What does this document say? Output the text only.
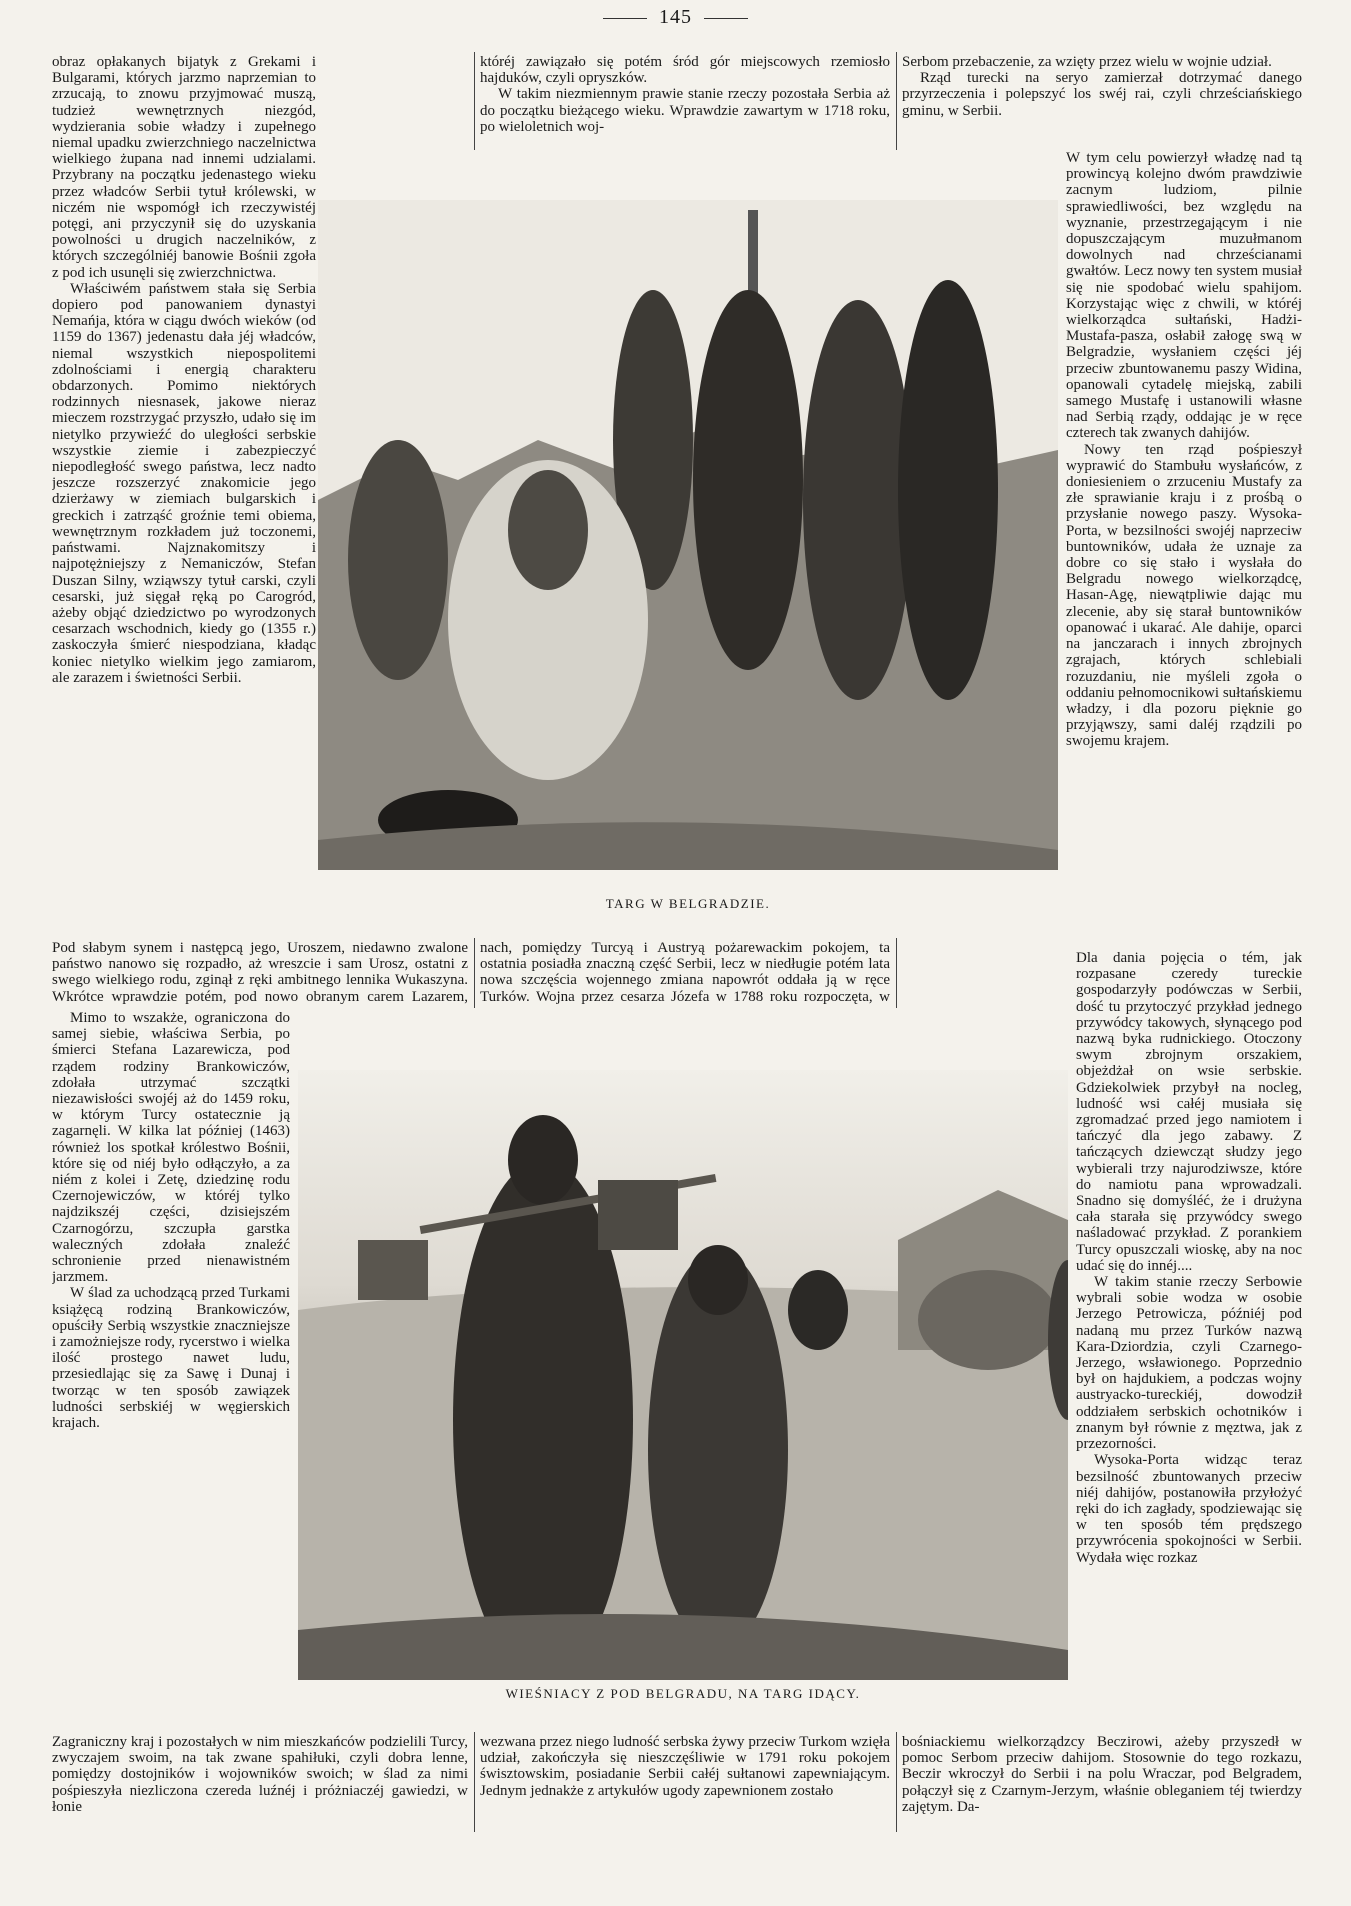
145

obraz opłakanych bijatyk z Grekami i Bulgarami, których jarzmo naprzemian to zrzucają, to znowu przyjmować muszą, tudzież wewnętrznych niezgód, wydzierania sobie władzy i zupełnego niemal upadku zwierzchniego naczelnictwa wielkiego żupana nad innemi udzialami. Przybrany na początku jedenastego wieku przez władców Serbii tytuł królewski, w niczém nie wspomógł ich rzeczywistéj potęgi, ani przyczynił się do uzyskania powolności u drugich naczelników, z których szczególniéj banowie Bośnii zgoła z pod ich usunęli się zwierzchnictwa.

Właściwém państwem stała się Serbia dopiero pod panowaniem dynastyi Nemańja, która w ciągu dwóch wieków (od 1159 do 1367) jedenastu dała jéj władców, niemal wszystkich niepospolitemi zdolnościami i energią charakteru obdarzonych. Pomimo niektórych rodzinnych niesnasek, jakowe nieraz mieczem rozstrzygać przyszło, udało się im nietylko przywieźć do uległości serbskie wszystkie ziemie i zabezpieczyć niepodległość swego państwa, lecz nadto jeszcze rozszerzyć znakomicie jego dzierżawy w ziemiach bulgarskich i greckich i zatrząść groźnie temi obiema, wewnętrznym rozkładem już toczonemi, państwami. Najznakomitszy i najpotężniejszy z Nemaniczów, Stefan Duszan Silny, wziąwszy tytuł carski, czyli cesarski, już sięgał ręką po Carogród, ażeby objąć dziedzictwo po wyrodzonych cesarzach wschodnich, kiedy go (1355 r.) zaskoczyła śmierć niespodziana, kładąc koniec nietylko wielkim jego zamiarom, ale zarazem i świetności Serbii.

któréj zawiązało się potém śród gór miejscowych rzemiosło hajduków, czyli opryszków.

W takim niezmiennym prawie stanie rzeczy pozostała Serbia aż do początku bieżącego wieku. Wprawdzie zawartym w 1718 roku, po wieloletnich woj-

Serbom przebaczenie, za wzięty przez wielu w wojnie udział.

Rząd turecki na seryo zamierzał dotrzymać danego przyrzeczenia i polepszyć los swéj rai, czyli chrześciańskiego gminu, w Serbii.

TARG W BELGRADZIE.

W tym celu powierzył władzę nad tą prowincyą kolejno dwóm prawdziwie zacnym ludziom, pilnie sprawiedliwości, bez względu na wyznanie, przestrzegającym i nie dopuszczającym muzułmanom dowolnych nad chrześcianami gwałtów. Lecz nowy ten system musiał się nie spodobać wielu spahijom. Korzystając więc z chwili, w któréj wielkorządca sułtański, Hadżi-Mustafa-pasza, osłabił załogę swą w Belgradzie, wysłaniem części jéj przeciw zbuntowanemu paszy Widina, opanowali cytadelę miejską, zabili samego Mustafę i ustanowili własne nad Serbią rządy, oddając je w ręce czterech tak zwanych dahijów.

Nowy ten rząd pośpieszył wyprawić do Stambułu wysłańców, z doniesieniem o zrzuceniu Mustafy za złe sprawianie kraju i z prośbą o przysłanie nowego paszy. Wysoka-Porta, w bezsilności swojéj naprzeciw buntowników, udała że uznaje za dobre co się stało i wysłała do Belgradu nowego wielkorządcę, Hasan-Agę, niewątpliwie dając mu zlecenie, aby się starał buntowników opanować i ukarać. Ale dahije, oparci na janczarach i innych zbrojnych zgrajach, których schlebiali rozuzdaniu, nie myśleli zgoła o oddaniu pełnomocnikowi sułtańskiemu władzy, i dla pozoru pięknie go przyjąwszy, sami daléj rządzili po swojemu krajem.

nach, pomiędzy Turcyą i Austryą pożarewackim pokojem, ta ostatnia posiadła znaczną część Serbii, lecz w niedługie potém lata nowa szczęścia wojennego zmiana napowrót oddała ją w ręce Turków. Wojna przez cesarza Józefa w 1788 roku rozpoczęta, w

Pod słabym synem i następcą jego, Uroszem, niedawno zwalone państwo nanowo się rozpadło, aż wreszcie i sam Urosz, ostatni z swego wielkiego rodu, zginął z ręki ambitnego lennika Wukaszyna. Wkrótce wprawdzie potém, pod nowo obranym carem Lazarem,

Mimo to wszakże, ograniczona do samej siebie, właściwa Serbia, po śmierci Stefana Lazarewicza, pod rządem rodziny Brankowiczów, zdołała utrzymać szczątki niezawisłości swojéj aż do 1459 roku, w którym Turcy ostatecznie ją zagarnęli. W kilka lat później (1463) również los spotkał królestwo Bośnii, które się od niéj było odłączyło, a za niém z kolei i Zetę, dziedzinę rodu Czernojewiczów, w któréj tylko najdzikszéj części, dzisiejszém Czarnogórzu, szczupła garstka waleczných zdołała znaleźć schronienie przed nienawistném jarzmem.

W ślad za uchodzącą przed Turkami książęcą rodziną Brankowiczów, opuściły Serbią wszystkie znaczniejsze i zamożniejsze rody, rycerstwo i wielka ilość prostego nawet ludu, przesiedlając się za Sawę i Dunaj i tworząc w ten sposób zawiązek ludności serbskiéj w węgierskich krajach.

Dla dania pojęcia o tém, jak rozpasane czeredy tureckie gospodarzyły podówczas w Serbii, dość tu przytoczyć przykład jednego przywódcy takowych, słynącego pod nazwą byka rudnickiego. Otoczony swym zbrojnym orszakiem, objeżdżał on wsie serbskie. Gdziekolwiek przybył na nocleg, ludność wsi całéj musiała się zgromadzać przed jego namiotem i tańczyć dla jego zabawy. Z tańczących dziewcząt słudzy jego wybierali trzy najurodziwsze, które do namiotu pana wprowadzali. Snadno się domyśléć, że i drużyna cała starała się przywódcy swego naśladować przykład. Z porankiem Turcy opuszczali wioskę, aby na noc udać się do innéj....

W takim stanie rzeczy Serbowie wybrali sobie wodza w osobie Jerzego Petrowicza, późniéj pod nadaną mu przez Turków nazwą Kara-Dziordzia, czyli Czarnego-Jerzego, wsławionego. Poprzednio był on hajdukiem, a podczas wojny austryacko-tureckiéj, dowodził oddziałem serbskich ochotników i znanym był równie z męztwa, jak z przezorności.

Wysoka-Porta widząc teraz bezsilność zbuntowanych przeciw niéj dahijów, postanowiła przyłożyć ręki do ich zagłady, spodziewając się w ten sposób tém prędszego przywrócenia spokojności w Serbii. Wydała więc rozkaz

WIEŚNIACY Z POD BELGRADU, NA TARG IDĄCY.

Zagraniczny kraj i pozostałych w nim mieszkańców podzielili Turcy, zwyczajem swoim, na tak zwane spahiłuki, czyli dobra lenne, pomiędzy dostojników i wojowników swoich; w ślad za nimi pośpieszyła niezliczona czereda luźnéj i próżniaczéj gawiedzi, w łonie

wezwana przez niego ludność serbska żywy przeciw Turkom wzięła udział, zakończyła się nieszczęśliwie w 1791 roku pokojem świsztowskim, posiadanie Serbii całéj sułtanowi zapewniającym. Jednym jednakże z artykułów ugody zapewnionem zostało

bośniackiemu wielkorządzcy Beczirowi, ażeby przyszedł w pomoc Serbom przeciw dahijom. Stosownie do tego rozkazu, Beczir wkroczył do Serbii i na polu Wraczar, pod Belgradem, połączył się z Czarnym-Jerzym, właśnie obleganiem téj twierdzy zajętym. Da-
